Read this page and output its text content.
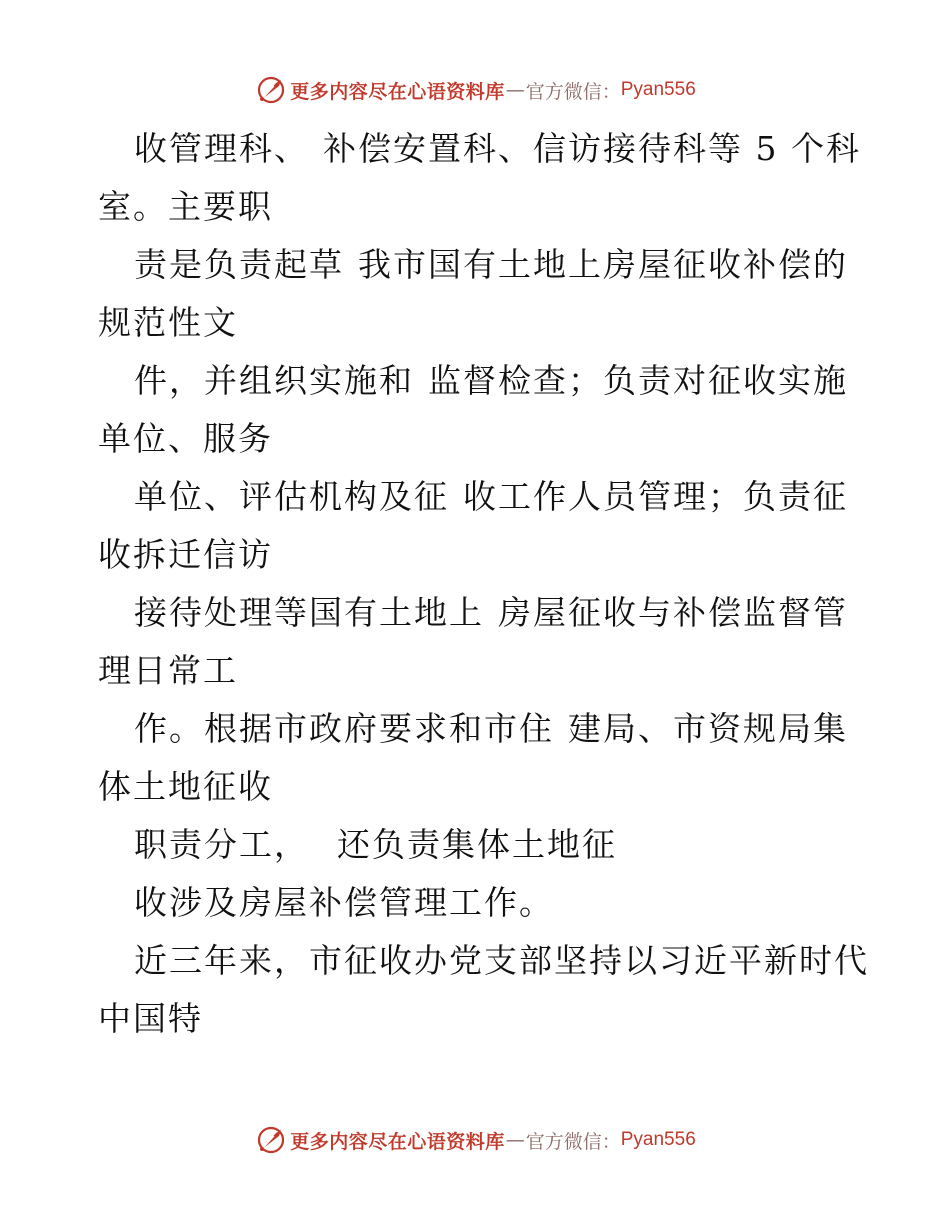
更多内容尽在心语资料库 — 官方微信： Pyan556
收管理科、 补偿安置科、信访接待科等 5 个科
室。主要职
责是负责起草 我市国有土地上房屋征收补偿的
规范性文
件，并组织实施和 监督检查；负责对征收实施
单位、服务
单位、评估机构及征 收工作人员管理；负责征
收拆迁信访
接待处理等国有土地上 房屋征收与补偿监督管
理日常工
作。根据市政府要求和市住 建局、市资规局集
体土地征收
职责分工， 还负责集体土地征
收涉及房屋补偿管理工作。
近三年来，市征收办党支部坚持以习近平新时代
中国特
更多内容尽在心语资料库 — 官方微信： Pyan556
